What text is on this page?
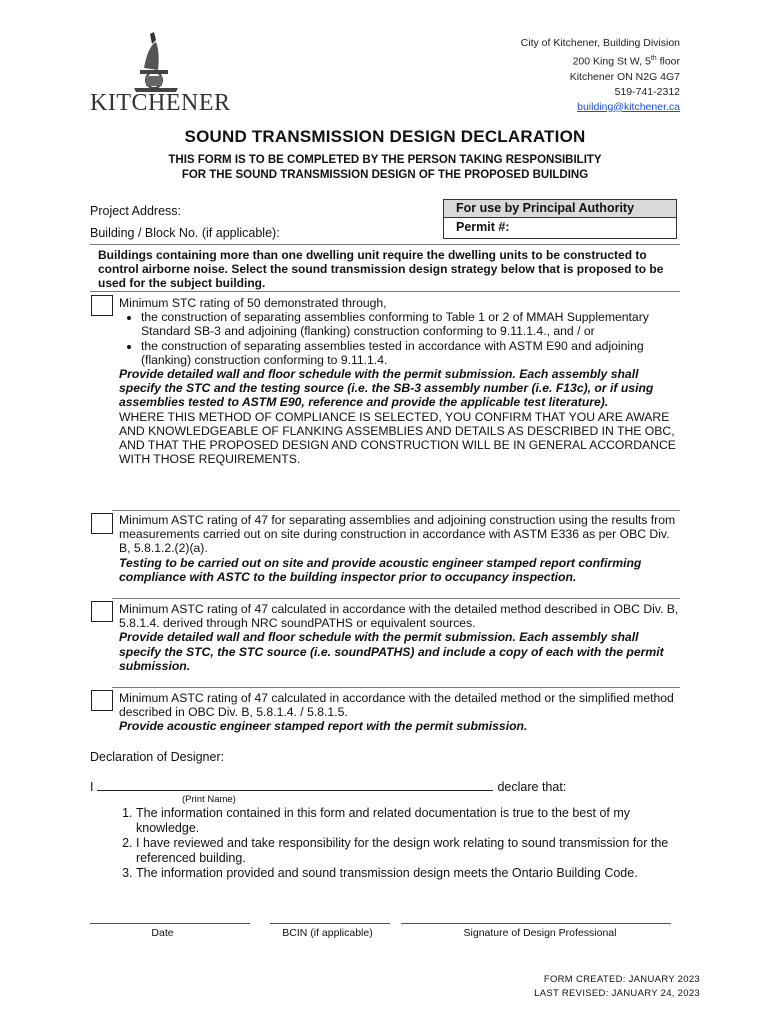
KITCHENER
City of Kitchener, Building Division
200 King St W, 5th floor
Kitchener ON N2G 4G7
519-741-2312
building@kitchener.ca
SOUND TRANSMISSION DESIGN DECLARATION
THIS FORM IS TO BE COMPLETED BY THE PERSON TAKING RESPONSIBILITY
FOR THE SOUND TRANSMISSION DESIGN OF THE PROPOSED BUILDING
Project Address:
Building / Block No. (if applicable):
For use by Principal Authority
Permit #:
Buildings containing more than one dwelling unit require the dwelling units to be constructed to control airborne noise. Select the sound transmission design strategy below that is proposed to be used for the subject building.
Minimum STC rating of 50 demonstrated through,
• the construction of separating assemblies conforming to Table 1 or 2 of MMAH Supplementary Standard SB-3 and adjoining (flanking) construction conforming to 9.11.1.4., and / or
• the construction of separating assemblies tested in accordance with ASTM E90 and adjoining (flanking) construction conforming to 9.11.1.4.
Provide detailed wall and floor schedule with the permit submission. Each assembly shall specify the STC and the testing source (i.e. the SB-3 assembly number (i.e. F13c), or if using assemblies tested to ASTM E90, reference and provide the applicable test literature).
WHERE THIS METHOD OF COMPLIANCE IS SELECTED, YOU CONFIRM THAT YOU ARE AWARE AND KNOWLEDGEABLE OF FLANKING ASSEMBLIES AND DETAILS AS DESCRIBED IN THE OBC, AND THAT THE PROPOSED DESIGN AND CONSTRUCTION WILL BE IN GENERAL ACCORDANCE WITH THOSE REQUIREMENTS.
Minimum ASTC rating of 47 for separating assemblies and adjoining construction using the results from measurements carried out on site during construction in accordance with ASTM E336 as per OBC Div. B, 5.8.1.2.(2)(a).
Testing to be carried out on site and provide acoustic engineer stamped report confirming compliance with ASTC to the building inspector prior to occupancy inspection.
Minimum ASTC rating of 47 calculated in accordance with the detailed method described in OBC Div. B, 5.8.1.4. derived through NRC soundPATHS or equivalent sources.
Provide detailed wall and floor schedule with the permit submission. Each assembly shall specify the STC, the STC source (i.e. soundPATHS) and include a copy of each with the permit submission.
Minimum ASTC rating of 47 calculated in accordance with the detailed method or the simplified method described in OBC Div. B, 5.8.1.4. / 5.8.1.5.
Provide acoustic engineer stamped report with the permit submission.
Declaration of Designer:
I	declare that:
(Print Name)
1. The information contained in this form and related documentation is true to the best of my knowledge.
2. I have reviewed and take responsibility for the design work relating to sound transmission for the referenced building.
3. The information provided and sound transmission design meets the Ontario Building Code.
Date	BCIN (if applicable)	Signature of Design Professional
FORM CREATED: JANUARY 2023
LAST REVISED: JANUARY 24, 2023
